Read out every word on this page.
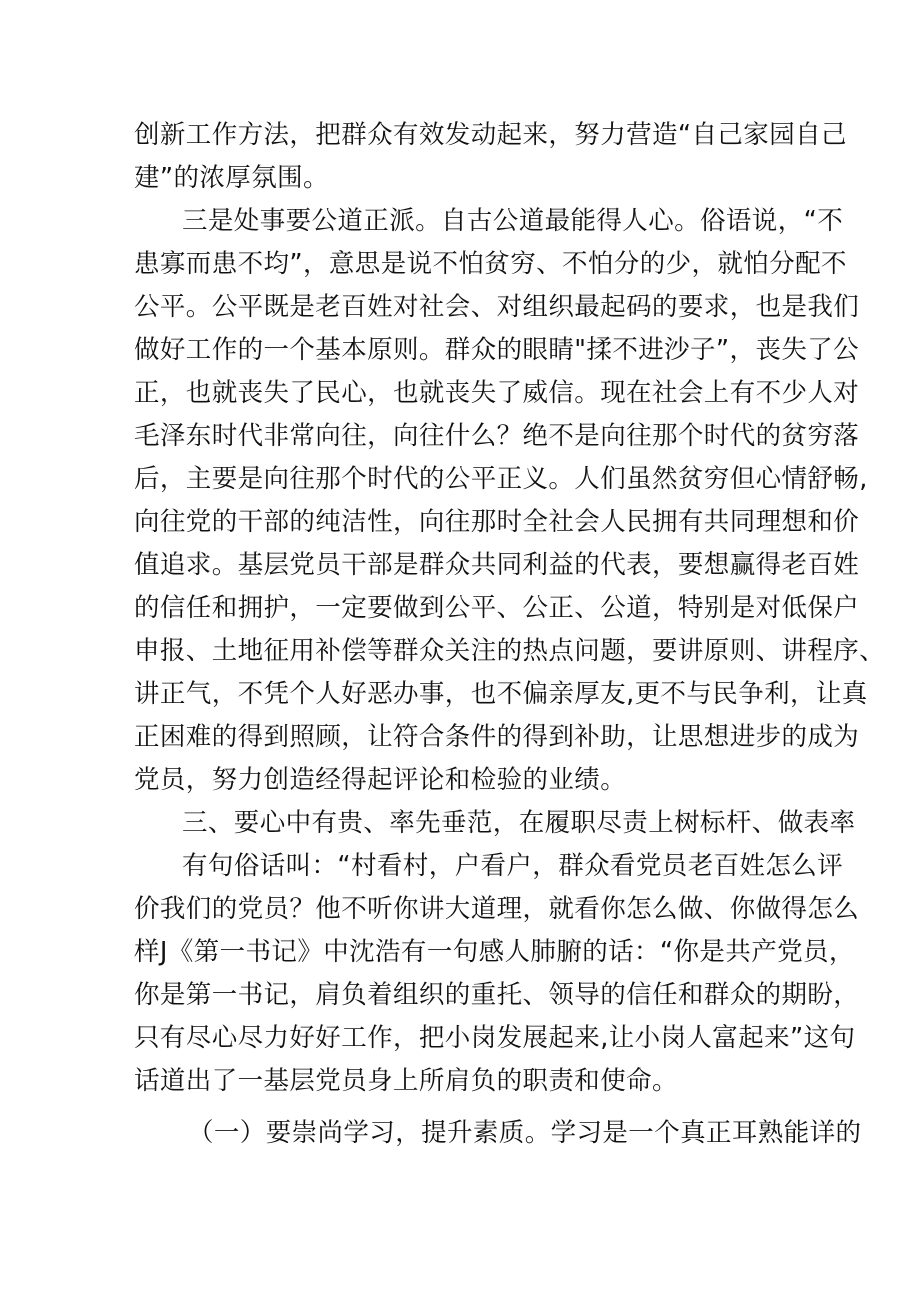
创新工作方法，把群众有效发动起来，努力营造“自己家园自己
建”的浓厚氛围。
三是处事要公道正派。自古公道最能得人心。俗语说，“不
患寡而患不均”，意思是说不怕贫穷、不怕分的少，就怕分配不
公平。公平既是老百姓对社会、对组织最起码的要求，也是我们
做好工作的一个基本原则。群众的眼睛"揉不进沙子”，丧失了公
正，也就丧失了民心，也就丧失了威信。现在社会上有不少人对
毛泽东时代非常向往，向往什么？绝不是向往那个时代的贫穷落
后，主要是向往那个时代的公平正义。人们虽然贫穷但心情舒畅,
向往党的干部的纯洁性，向往那时全社会人民拥有共同理想和价
值追求。基层党员干部是群众共同利益的代表，要想赢得老百姓
的信任和拥护，一定要做到公平、公正、公道，特别是对低保户
申报、土地征用补偿等群众关注的热点问题，要讲原则、讲程序、
讲正气，不凭个人好恶办事，也不偏亲厚友,更不与民争利，让真
正困难的得到照顾，让符合条件的得到补助，让思想进步的成为
党员，努力创造经得起评论和检验的业绩。
三、要心中有贵、率先垂范，在履职尽责上树标杆、做表率
有句俗话叫：“村看村，户看户，群众看党员老百姓怎么评
价我们的党员？他不听你讲大道理，就看你怎么做、你做得怎么
样J《第一书记》中沈浩有一句感人肺腑的话：“你是共产党员，
你是第一书记，肩负着组织的重托、领导的信任和群众的期盼，
只有尽心尽力好好工作，把小岗发展起来,让小岗人富起来”这句
话道出了一基层党员身上所肩负的职责和使命。
（一）要崇尚学习，提升素质。学习是一个真正耳熟能详的
